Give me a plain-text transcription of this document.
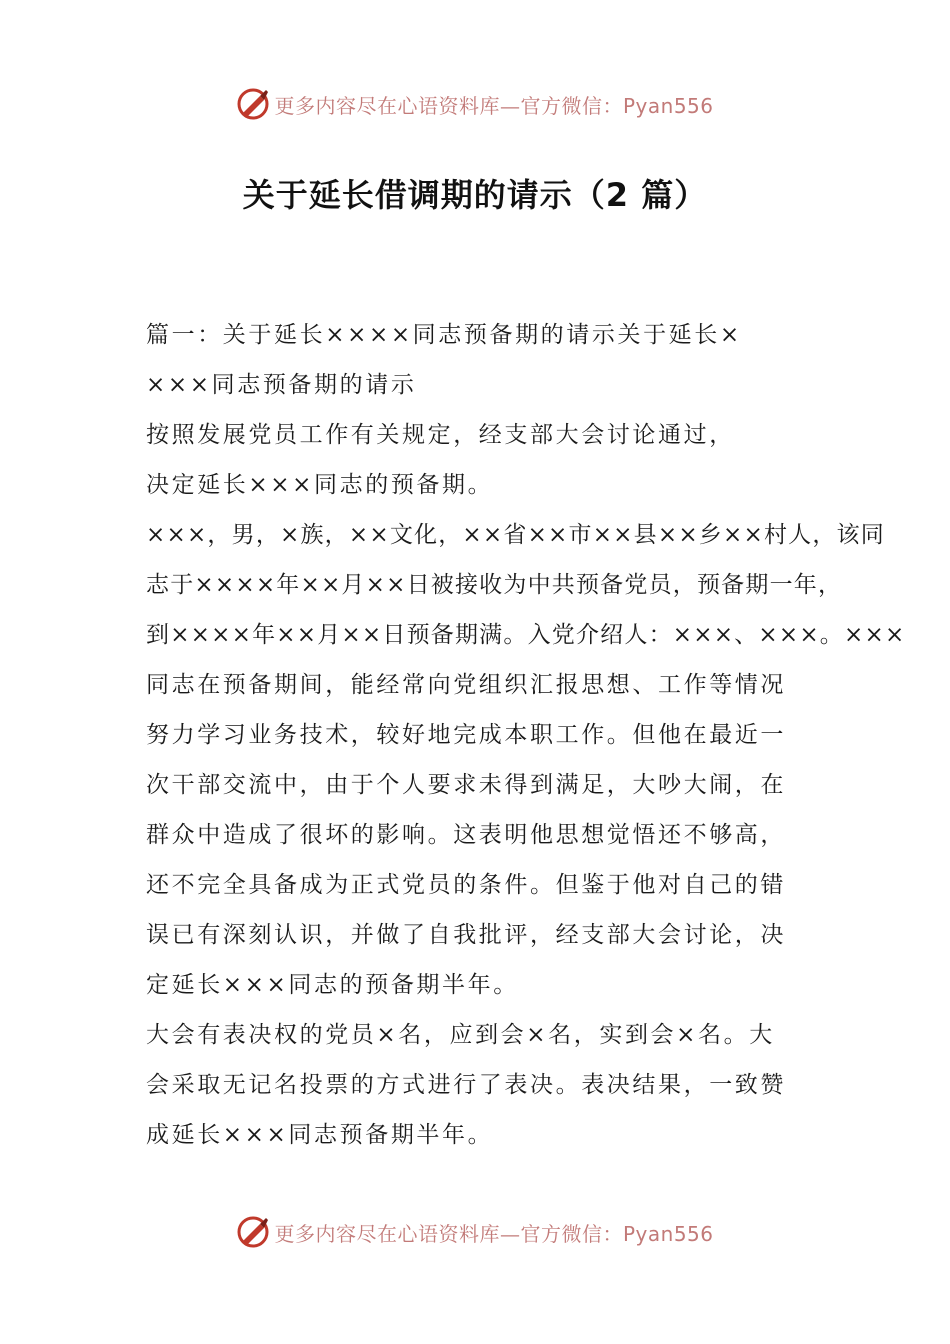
更多内容尽在心语资料库—官方微信：Pyan556
关于延长借调期的请示（2 篇）
篇一：关于延长××××同志预备期的请示关于延长×
×××同志预备期的请示
按照发展党员工作有关规定，经支部大会讨论通过，
决定延长×××同志的预备期。
×××，男，×族，××文化，××省××市××县××乡××村人，该同
志于××××年××月××日被接收为中共预备党员，预备期一年，
到××××年××月××日预备期满。入党介绍人：×××、×××。×××
同志在预备期间，能经常向党组织汇报思想、工作等情况
努力学习业务技术，较好地完成本职工作。但他在最近一
次干部交流中，由于个人要求未得到满足，大吵大闹，在
群众中造成了很坏的影响。这表明他思想觉悟还不够高，
还不完全具备成为正式党员的条件。但鉴于他对自己的错
误已有深刻认识，并做了自我批评，经支部大会讨论，决
定延长×××同志的预备期半年。
大会有表决权的党员×名，应到会×名，实到会×名。大
会采取无记名投票的方式进行了表决。表决结果，一致赞
成延长×××同志预备期半年。
更多内容尽在心语资料库—官方微信：Pyan556
